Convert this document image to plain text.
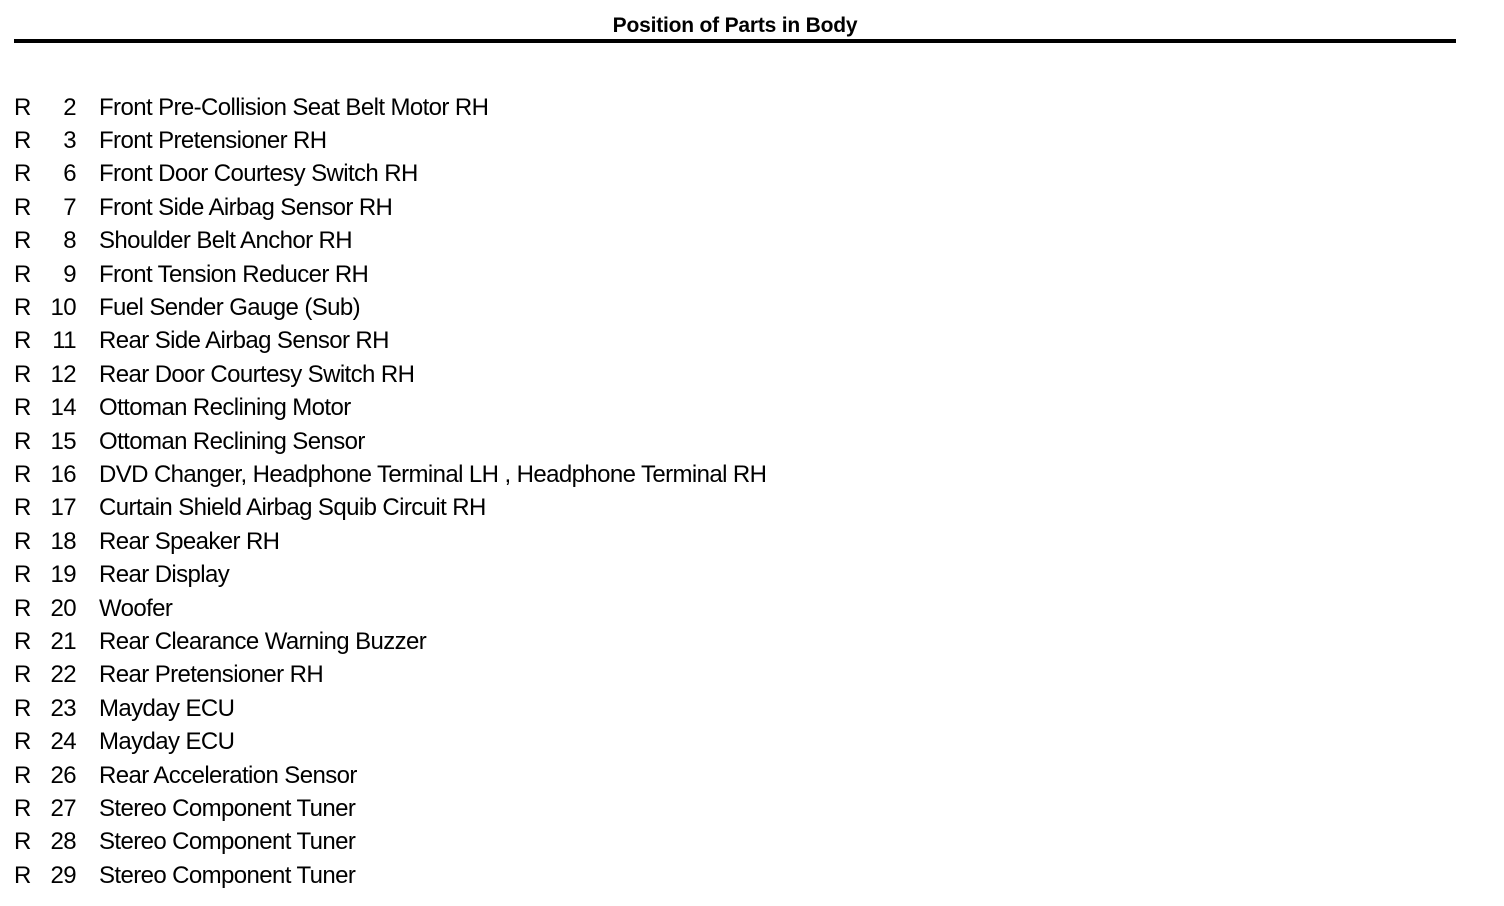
Position of Parts in Body
R	2 Front Pre-Collision Seat Belt Motor RH
R	3 Front Pretensioner RH
R	6 Front Door Courtesy Switch RH
R	7 Front Side Airbag Sensor RH
R	8 Shoulder Belt Anchor RH
R	9 Front Tension Reducer RH
R 10 Fuel Sender Gauge (Sub)
R 11 Rear Side Airbag Sensor RH
R 12 Rear Door Courtesy Switch RH
R 14 Ottoman Reclining Motor
R 15 Ottoman Reclining Sensor
R 16 DVD Changer, Headphone Terminal LH , Headphone Terminal RH
R 17 Curtain Shield Airbag Squib Circuit RH
R 18 Rear Speaker RH
R 19 Rear Display
R 20 Woofer
R 21 Rear Clearance Warning Buzzer
R 22 Rear Pretensioner RH
R 23 Mayday ECU
R 24 Mayday ECU
R 26 Rear Acceleration Sensor
R 27 Stereo Component Tuner
R 28 Stereo Component Tuner
R 29 Stereo Component Tuner
